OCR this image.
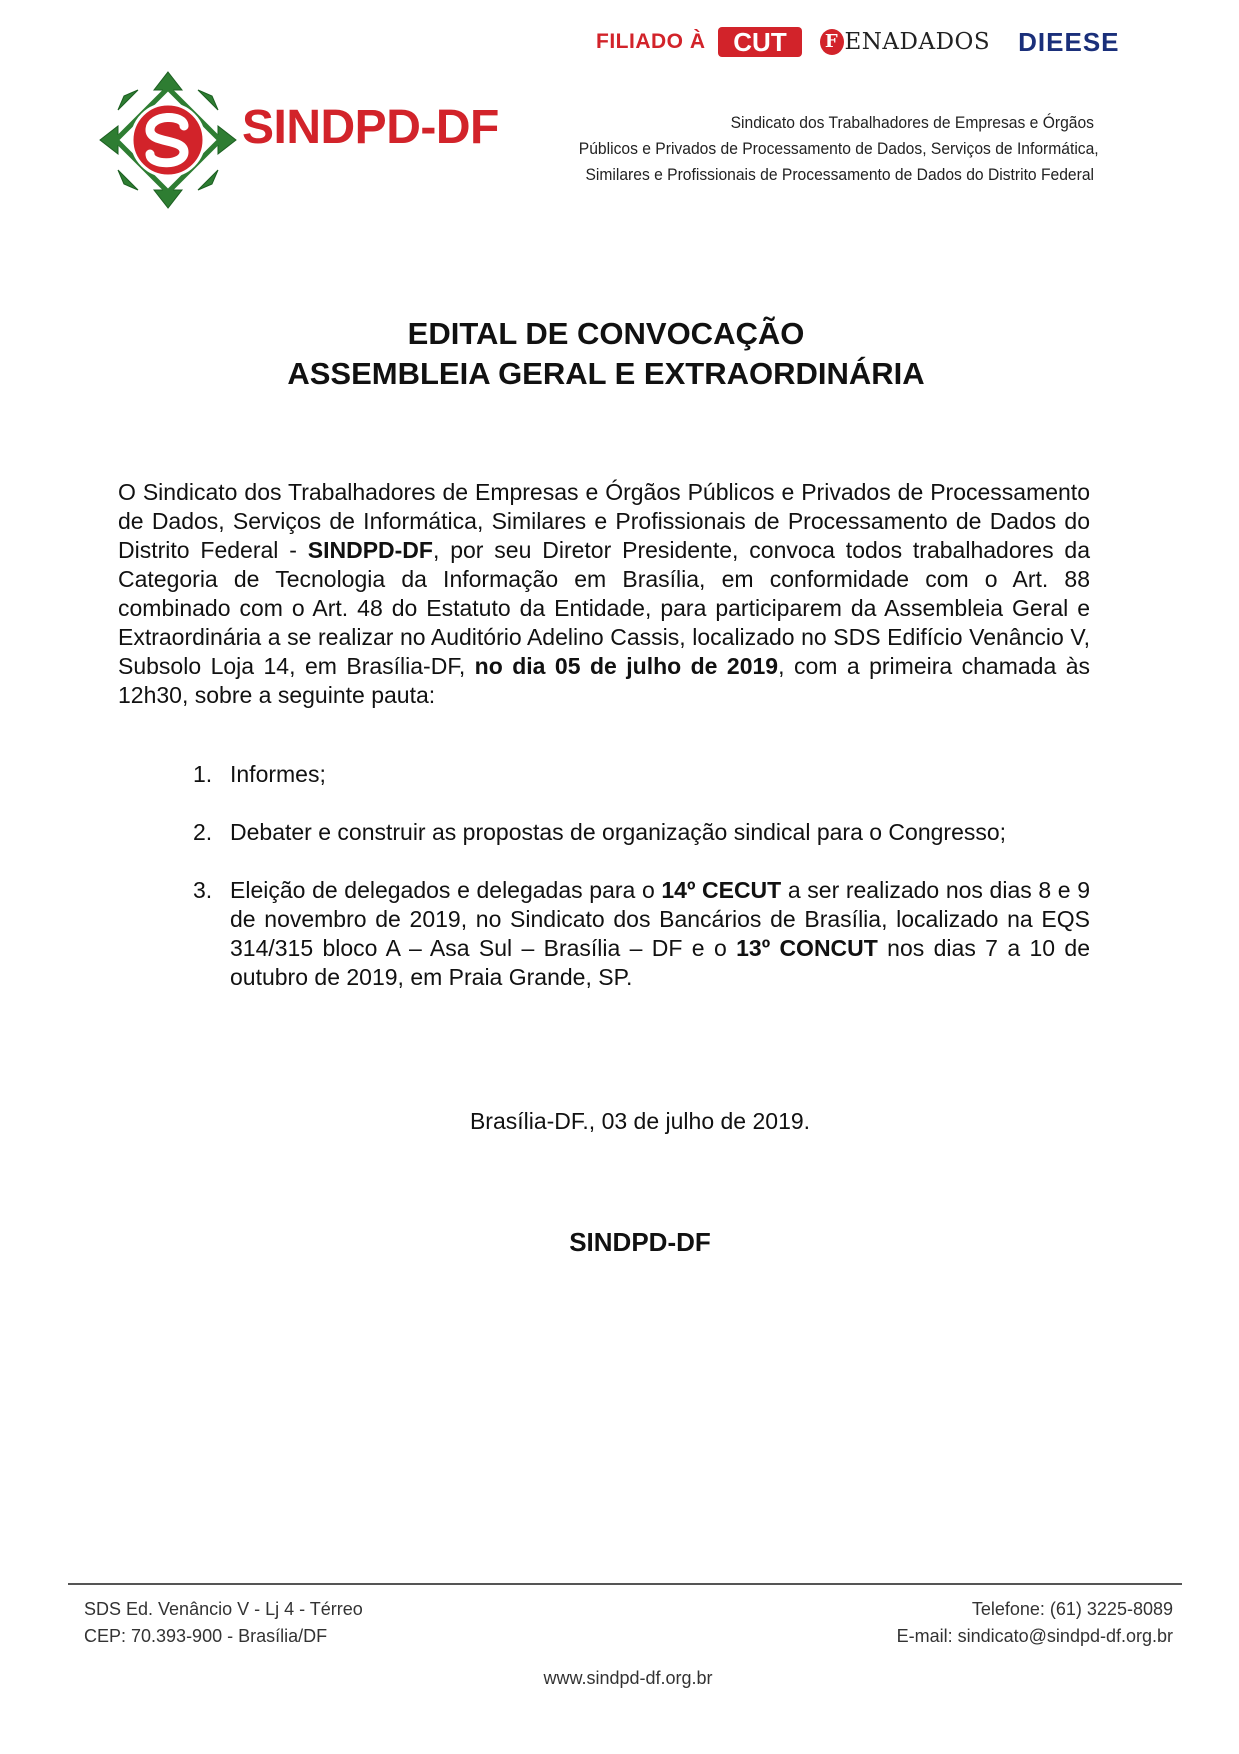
FILIADO À CUT F ENADADOS DIEESE
SINDPD-DF	Sindicato dos Trabalhadores de Empresas e Órgãos
Públicos e Privados de Processamento de Dados, Serviços de Informática,
Similares e Profissionais de Processamento de Dados do Distrito Federal
EDITAL DE CONVOCAÇÃO
ASSEMBLEIA GERAL E EXTRAORDINÁRIA
O Sindicato dos Trabalhadores de Empresas e Órgãos Públicos e Privados de Processamento de Dados, Serviços de Informática, Similares e Profissionais de Processamento de Dados do Distrito Federal - SINDPD-DF, por seu Diretor Presidente, convoca todos trabalhadores da Categoria de Tecnologia da Informação em Brasília, em conformidade com o Art. 88 combinado com o Art. 48 do Estatuto da Entidade, para participarem da Assembleia Geral e Extraordinária a se realizar no Auditório Adelino Cassis, localizado no SDS Edifício Venâncio V, Subsolo Loja 14, em Brasília-DF, no dia 05 de julho de 2019, com a primeira chamada às 12h30, sobre a seguinte pauta:
1. Informes;
2. Debater e construir as propostas de organização sindical para o Congresso;
3. Eleição de delegados e delegadas para o 14º CECUT a ser realizado nos dias 8 e 9 de novembro de 2019, no Sindicato dos Bancários de Brasília, localizado na EQS 314/315 bloco A – Asa Sul – Brasília – DF e o 13º CONCUT nos dias 7 a 10 de outubro de 2019, em Praia Grande, SP.
Brasília-DF., 03 de julho de 2019.
SINDPD-DF
SDS Ed. Venâncio V - Lj 4 - Térreo
CEP: 70.393-900 - Brasília/DF
Telefone: (61) 3225-8089
E-mail: sindicato@sindpd-df.org.br
www.sindpd-df.org.br
